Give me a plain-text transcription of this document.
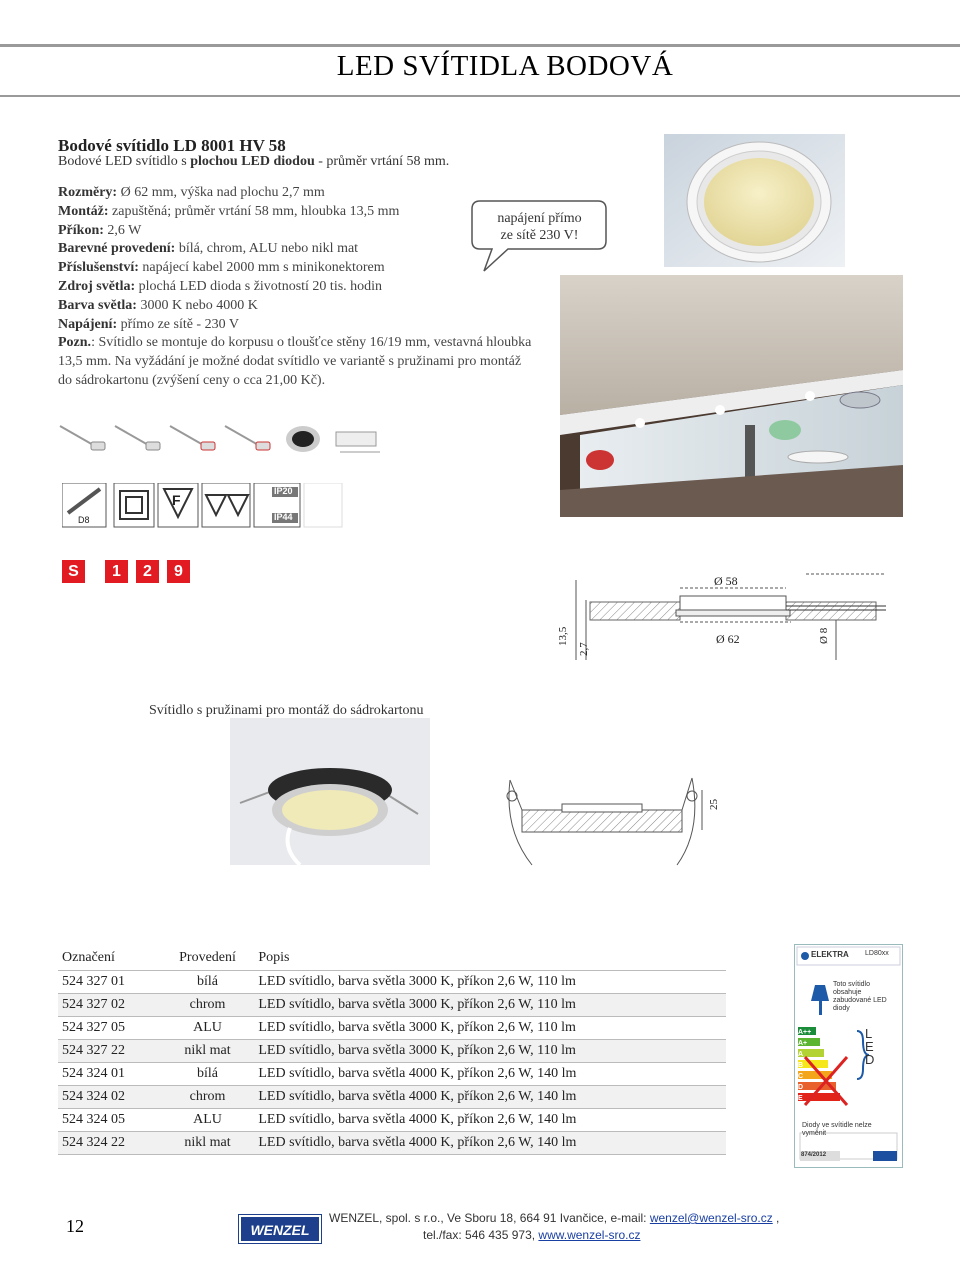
LED SVÍTIDLA BODOVÁ
Bodové svítidlo LD 8001 HV 58
Bodové LED svítidlo s plochou LED diodou - průměr vrtání 58 mm.
Rozměry: Ø 62 mm, výška nad plochu 2,7 mm
Montáž: zapuštěná; průměr vrtání 58 mm, hloubka 13,5 mm
Příkon: 2,6 W
Barevné provedení: bílá, chrom, ALU nebo nikl mat
Příslušenství: napájecí kabel 2000 mm s minikonektorem
Zdroj světla: plochá LED dioda s životností 20 tis. hodin
Barva světla: 3000 K nebo 4000 K
Napájení: přímo ze sítě - 230 V
Pozn.: Svítidlo se montuje do korpusu o tloušťce stěny 16/19 mm, vestavná hloubka 13,5 mm. Na vyžádání je možné dodat svítidlo ve variantě s pružinami pro montáž do sádrokartonu (zvýšení ceny o cca 21,00 Kč).
napájení přímo
ze sítě 230 V!
D8
F
IP20
IP44
S	1	2	9
Ø 58
Ø 62
13,5
2,7
Ø 8
Svítidlo s pružinami pro montáž do sádrokartonu
25
Označení	Provedení	Popis
524 327 01	bílá	LED svítidlo, barva světla 3000 K, příkon 2,6 W, 110 lm
524 327 02	chrom	LED svítidlo, barva světla 3000 K, příkon 2,6 W, 110 lm
524 327 05	ALU	LED svítidlo, barva světla 3000 K, příkon 2,6 W, 110 lm
524 327 22	nikl mat	LED svítidlo, barva světla 3000 K, příkon 2,6 W, 110 lm
524 324 01	bílá	LED svítidlo, barva světla 4000 K, příkon 2,6 W, 140 lm
524 324 02	chrom	LED svítidlo, barva světla 4000 K, příkon 2,6 W, 140 lm
524 324 05	ALU	LED svítidlo, barva světla 4000 K, příkon 2,6 W, 140 lm
524 324 22	nikl mat	LED svítidlo, barva světla 4000 K, příkon 2,6 W, 140 lm
ELEKTRA LD80xx
Toto svítidlo obsahuje zabudované LED diody
L
E
D
A++
A+
A
B
C
D
E
Diody ve svítidle nelze vyměnit
874/2012
12	WENZEL
WENZEL, spol. s r.o., Ve Sboru 18, 664 91 Ivančice, e-mail: wenzel@wenzel-sro.cz ,
tel./fax: 546 435 973, www.wenzel-sro.cz
